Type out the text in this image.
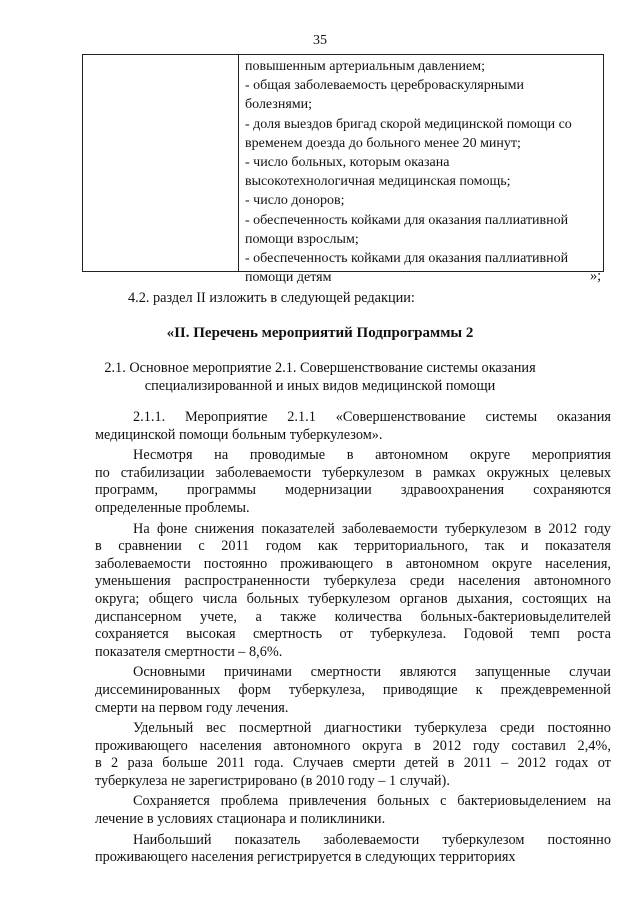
35
повышенным артериальным давлением;
- общая заболеваемость цереброваскулярными
болезнями;
- доля выездов бригад скорой медицинской помощи со
временем доезда до больного менее 20 минут;
- число больных, которым оказана
высокотехнологичная медицинская помощь;
- число доноров;
- обеспеченность койками для оказания паллиативной
помощи взрослым;
- обеспеченность койками для оказания паллиативной
помощи детям	»;
4.2. раздел II изложить в следующей редакции:
«II. Перечень мероприятий Подпрограммы 2
2.1. Основное мероприятие 2.1. Совершенствование системы оказания
специализированной и иных видов медицинской помощи
2.1.1. Мероприятие 2.1.1 «Совершенствование системы оказания
медицинской помощи больным туберкулезом».
Несмотря на проводимые в автономном округе мероприятия
по стабилизации заболеваемости туберкулезом в рамках окружных целевых
программ, программы модернизации здравоохранения сохраняются
определенные проблемы.
На фоне снижения показателей заболеваемости туберкулезом в 2012 году
в сравнении с 2011 годом как территориального, так и показателя
заболеваемости постоянно проживающего в автономном округе населения,
уменьшения распространенности туберкулеза среди населения автономного
округа; общего числа больных туберкулезом органов дыхания, состоящих на
диспансерном учете, а также количества больных-бактериовыделителей
сохраняется высокая смертность от туберкулеза. Годовой темп роста
показателя смертности – 8,6%.
Основными причинами смертности являются запущенные случаи
диссеминированных форм туберкулеза, приводящие к преждевременной
смерти на первом году лечения.
Удельный вес посмертной диагностики туберкулеза среди постоянно
проживающего населения автономного округа в 2012 году составил 2,4%,
в 2 раза больше 2011 года. Случаев смерти детей в 2011 – 2012 годах от
туберкулеза не зарегистрировано (в 2010 году – 1 случай).
Сохраняется проблема привлечения больных с бактериовыделением на
лечение в условиях стационара и поликлиники.
Наибольший показатель заболеваемости туберкулезом постоянно
проживающего населения регистрируется в следующих территориях
